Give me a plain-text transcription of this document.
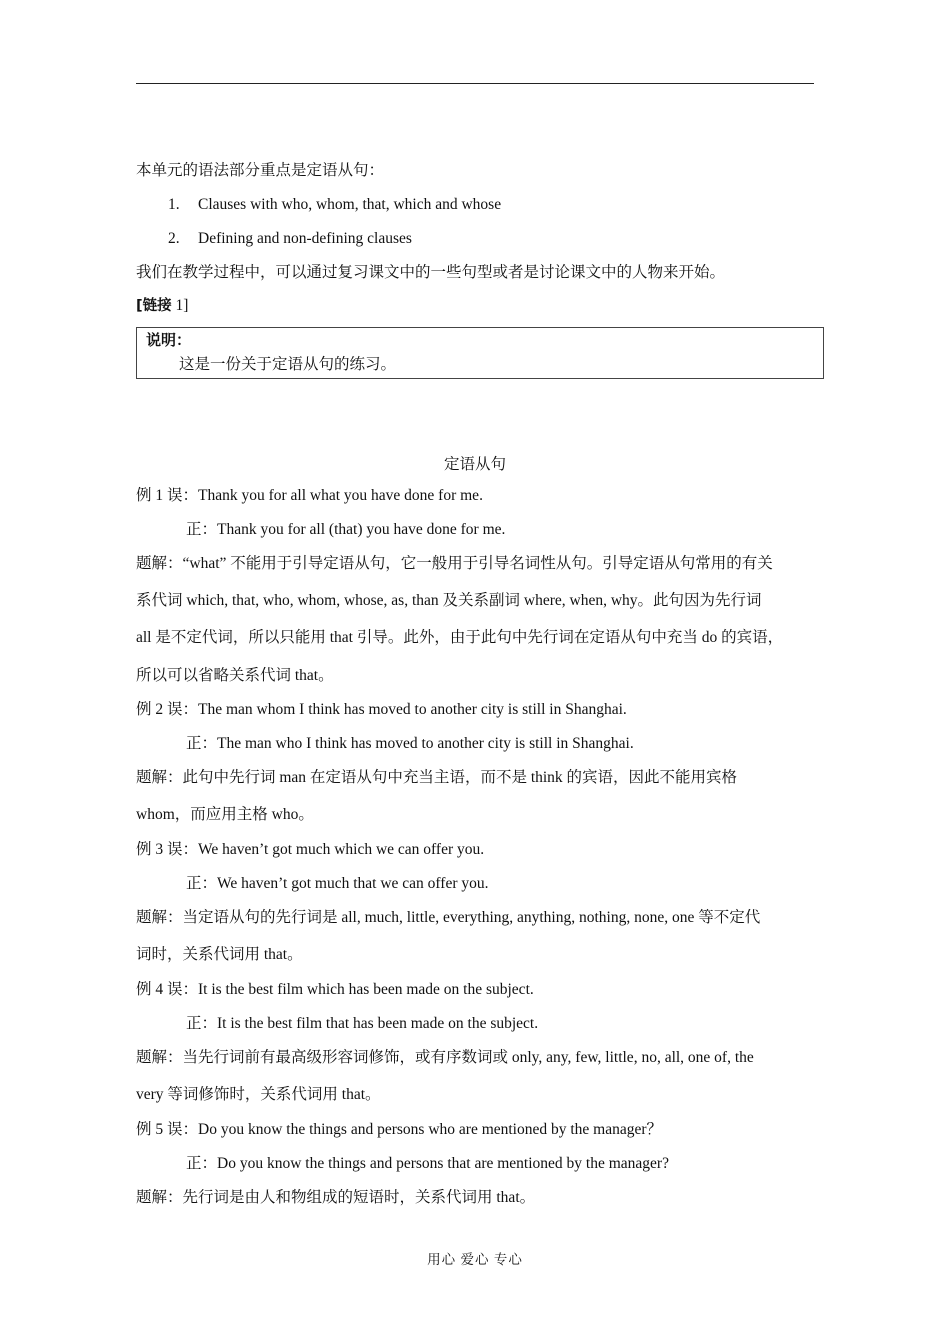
本单元的语法部分重点是定语从句：
1. Clauses with who, whom, that, which and whose
2. Defining and non-defining clauses
我们在教学过程中，可以通过复习课文中的一些句型或者是讨论课文中的人物来开始。
[链接 1]
说明：
这是一份关于定语从句的练习。
定语从句
例 1 误：Thank you for all what you have done for me.
正：Thank you for all (that) you have done for me.
题解：“what” 不能用于引导定语从句，它一般用于引导名词性从句。引导定语从句常用的有关
系代词 which, that, who, whom, whose, as, than 及关系副词 where, when, why。此句因为先行词
all 是不定代词，所以只能用 that 引导。此外，由于此句中先行词在定语从句中充当 do 的宾语，
所以可以省略关系代词 that。
例 2 误：The man whom I think has moved to another city is still in Shanghai.
正：The man who I think has moved to another city is still in Shanghai.
题解：此句中先行词 man 在定语从句中充当主语，而不是 think 的宾语，因此不能用宾格
whom，而应用主格 who。
例 3 误：We haven’t got much which we can offer you.
正：We haven’t got much that we can offer you.
题解：当定语从句的先行词是 all, much, little, everything, anything, nothing, none, one 等不定代
词时，关系代词用 that。
例 4 误：It is the best film which has been made on the subject.
正：It is the best film that has been made on the subject.
题解：当先行词前有最高级形容词修饰，或有序数词或 only, any, few, little, no, all, one of, the
very 等词修饰时，关系代词用 that。
例 5 误：Do you know the things and persons who are mentioned by the manager？
正：Do you know the things and persons that are mentioned by the manager?
题解：先行词是由人和物组成的短语时，关系代词用 that。
用心 爱心 专心
